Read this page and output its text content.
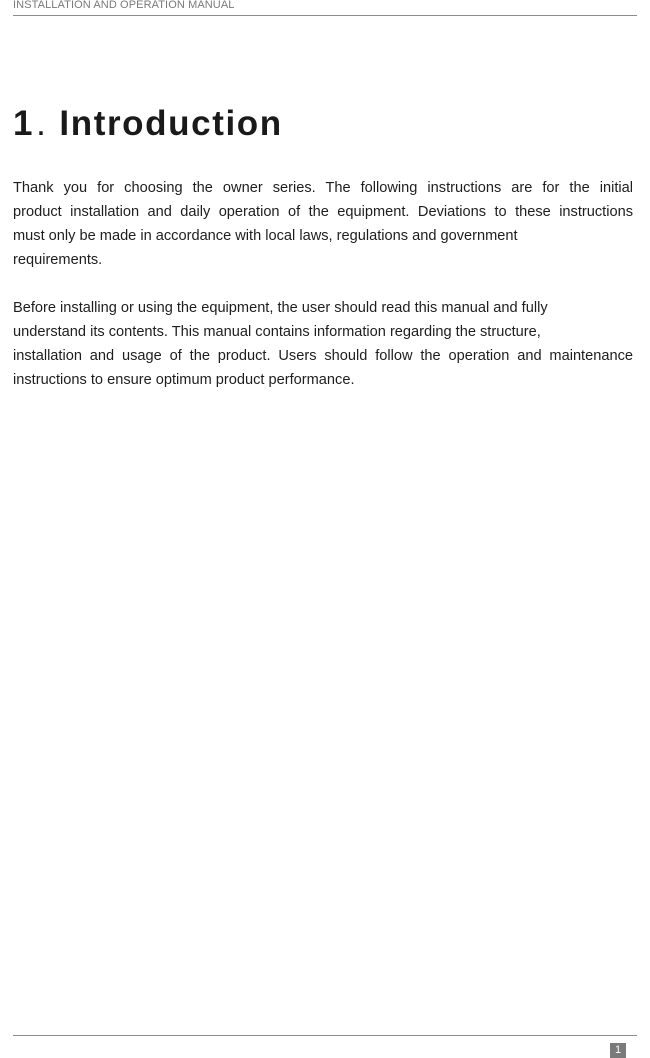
INSTALLATION AND OPERATION MANUAL
1. Introduction

Thank you for choosing the owner series. The following instructions are for the initial
product installation and daily operation of the equipment. Deviations to these instructions
must only be made in accordance with local laws, regulations and government
requirements.

Before installing or using the equipment, the user should read this manual and fully
understand its contents. This manual contains information regarding the structure,
installation and usage of the product. Users should follow the operation and maintenance
instructions to ensure optimum product performance.

1
